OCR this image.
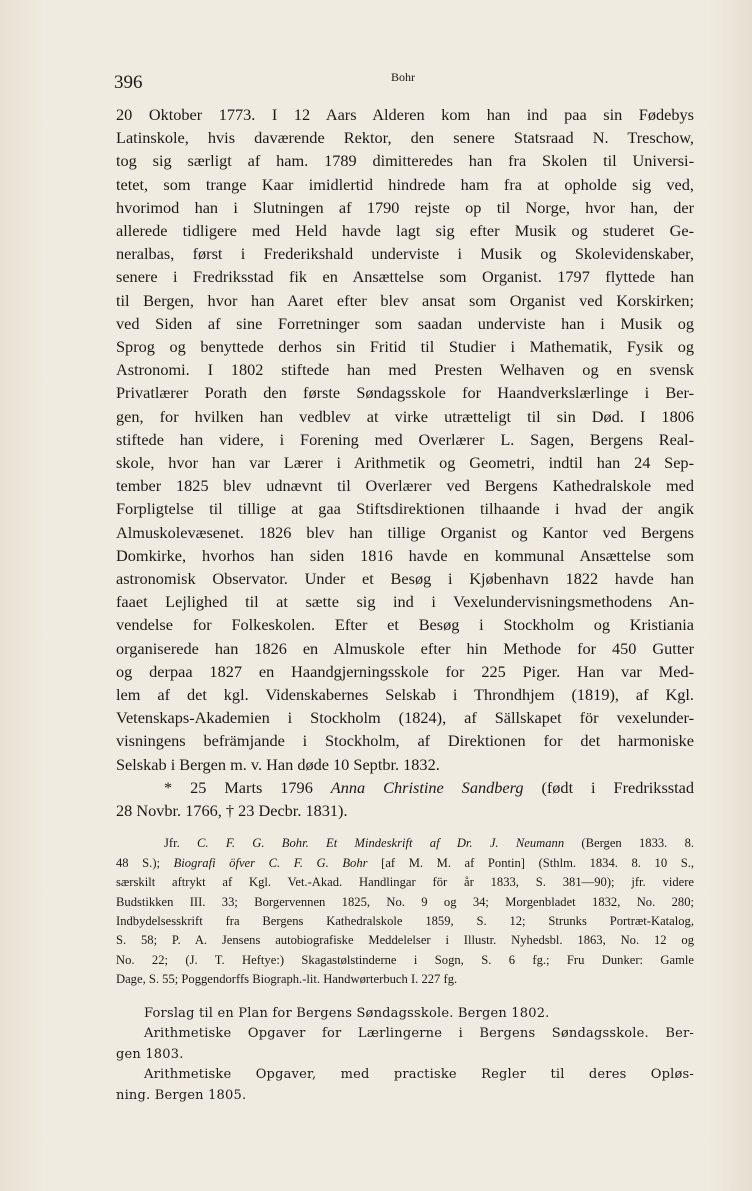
396	Bohr

20 Oktober 1773. I 12 Aars Alderen kom han ind paa sin Fødebys
Latinskole, hvis daværende Rektor, den senere Statsraad N. Treschow,
tog sig særligt af ham. 1789 dimitteredes han fra Skolen til Universi-
tetet, som trange Kaar imidlertid hindrede ham fra at opholde sig ved,
hvorimod han i Slutningen af 1790 rejste op til Norge, hvor han, der
allerede tidligere med Held havde lagt sig efter Musik og studeret Ge-
neralbas, først i Frederikshald underviste i Musik og Skolevidenskaber,
senere i Fredriksstad fik en Ansættelse som Organist. 1797 flyttede han
til Bergen, hvor han Aaret efter blev ansat som Organist ved Korskirken;
ved Siden af sine Forretninger som saadan underviste han i Musik og
Sprog og benyttede derhos sin Fritid til Studier i Mathematik, Fysik og
Astronomi. I 1802 stiftede han med Presten Welhaven og en svensk
Privatlærer Porath den første Søndagsskole for Haandverkslærlinge i Ber-
gen, for hvilken han vedblev at virke utrætteligt til sin Død. I 1806
stiftede han videre, i Forening med Overlærer L. Sagen, Bergens Real-
skole, hvor han var Lærer i Arithmetik og Geometri, indtil han 24 Sep-
tember 1825 blev udnævnt til Overlærer ved Bergens Kathedralskole med
Forpligtelse til tillige at gaa Stiftsdirektionen tilhaande i hvad der angik
Almuskolevæsenet. 1826 blev han tillige Organist og Kantor ved Bergens
Domkirke, hvorhos han siden 1816 havde en kommunal Ansættelse som
astronomisk Observator. Under et Besøg i Kjøbenhavn 1822 havde han
faaet Lejlighed til at sætte sig ind i Vexelundervisningsmethodens An-
vendelse for Folkeskolen. Efter et Besøg i Stockholm og Kristiania
organiserede han 1826 en Almuskole efter hin Methode for 450 Gutter
og derpaa 1827 en Haandgjerningsskole for 225 Piger. Han var Med-
lem af det kgl. Videnskabernes Selskab i Throndhjem (1819), af Kgl.
Vetenskaps-Akademien i Stockholm (1824), af Sällskapet för vexelunder-
visningens befrämjande i Stockholm, af Direktionen for det harmoniske
Selskab i Bergen m. v. Han døde 10 Septbr. 1832.

* 25 Marts 1796 Anna Christine Sandberg (født i Fredriksstad
28 Novbr. 1766, † 23 Decbr. 1831).

Jfr. C. F. G. Bohr. Et Mindeskrift af Dr. J. Neumann (Bergen 1833. 8.
48 S.); Biografi öfver C. F. G. Bohr [af M. M. af Pontin] (Sthlm. 1834. 8. 10 S.,
særskilt aftrykt af Kgl. Vet.-Akad. Handlingar för år 1833, S. 381—90); jfr. videre
Budstikken III. 33; Borgervennen 1825, No. 9 og 34; Morgenbladet 1832, No. 280;
Indbydelsesskrift fra Bergens Kathedralskole 1859, S. 12; Strunks Portræt-Katalog,
S. 58; P. A. Jensens autobiografiske Meddelelser i Illustr. Nyhedsbl. 1863, No. 12 og
No. 22; (J. T. Heftye:) Skagastølstinderne i Sogn, S. 6 fg.; Fru Dunker: Gamle
Dage, S. 55; Poggendorffs Biograph.-lit. Handwørterbuch I. 227 fg.

Forslag til en Plan for Bergens Søndagsskole. Bergen 1802.

Arithmetiske Opgaver for Lærlingerne i Bergens Søndagsskole. Ber-

gen 1803.

Arithmetiske Opgaver, med practiske Regler til deres Opløs-

ning. Bergen 1805.
